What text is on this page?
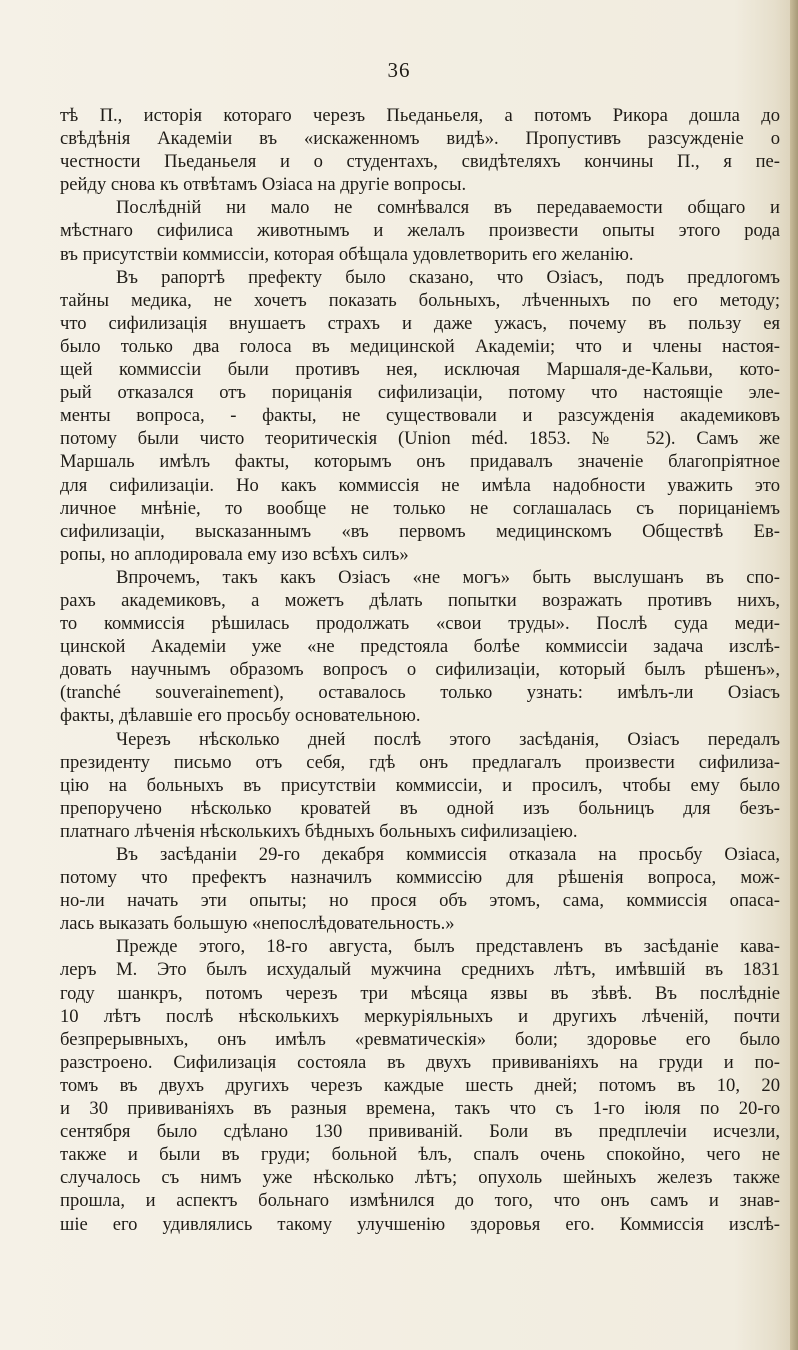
36
тѣ П., исторія котораго черезъ Пьеданьеля, а потомъ Рикора дошла до
свѣдѣнія Академіи въ «искаженномъ видѣ». Пропустивъ разсужденіе о
честности Пьеданьеля и о студентахъ, свидѣтеляхъ кончины П., я пе-
рейду снова къ отвѣтамъ Озіаса на другіе вопросы.
Послѣдній ни мало не сомнѣвался въ передаваемости общаго и
мѣстнаго сифилиса животнымъ и желалъ произвести опыты этого рода
въ присутствіи коммиссіи, которая обѣщала удовлетворить его желанію.
Въ рапортѣ префекту было сказано, что Озіасъ, подъ предлогомъ
тайны медика, не хочетъ показать больныхъ, лѣченныхъ по его методу;
что сифилизація внушаетъ страхъ и даже ужасъ, почему въ пользу ея
было только два голоса въ медицинской Академіи; что и члены настоя-
щей коммиссіи были противъ нея, исключая Маршаля-де-Кальви, кото-
рый отказался отъ порицанія сифилизаціи, потому что настоящіе эле-
менты вопроса, - факты, не существовали и разсужденія академиковъ
потому были чисто теоритическія (Union méd. 1853. № 52). Самъ же
Маршаль имѣлъ факты, которымъ онъ придавалъ значеніе благопріятное
для сифилизаціи. Но какъ коммиссія не имѣла надобности уважить это
личное мнѣніе, то вообще не только не соглашалась съ порицаніемъ
сифилизаціи, высказаннымъ «въ первомъ медицинскомъ Обществѣ Ев-
ропы, но аплодировала ему изо всѣхъ силъ»
Впрочемъ, такъ какъ Озіасъ «не могъ» быть выслушанъ въ спо-
рахъ академиковъ, а можетъ дѣлать попытки возражать противъ нихъ,
то коммиссія рѣшилась продолжать «свои труды». Послѣ суда меди-
цинской Академіи уже «не предстояла болѣе коммиссіи задача изслѣ-
довать научнымъ образомъ вопросъ о сифилизаціи, который былъ рѣшенъ»,
(tranché souverainement), оставалось только узнать: имѣлъ-ли Озіасъ
факты, дѣлавшіе его просьбу основательною.
Черезъ нѣсколько дней послѣ этого засѣданія, Озіасъ передалъ
президенту письмо отъ себя, гдѣ онъ предлагалъ произвести сифилиза-
цію на больныхъ въ присутствіи коммиссіи, и просилъ, чтобы ему было
препоручено нѣсколько кроватей въ одной изъ больницъ для безъ-
платнаго лѣченія нѣсколькихъ бѣдныхъ больныхъ сифилизаціею.
Въ засѣданіи 29-го декабря коммиссія отказала на просьбу Озіаса,
потому что префектъ назначилъ коммиссію для рѣшенія вопроса, мож-
но-ли начать эти опыты; но прося объ этомъ, сама, коммиссія опаса-
лась выказать большую «непослѣдовательность.»
Прежде этого, 18-го августа, былъ представленъ въ засѣданіе кава-
леръ М. Это былъ исхудалый мужчина среднихъ лѣтъ, имѣвшій въ 1831
году шанкръ, потомъ черезъ три мѣсяца язвы въ зѣвѣ. Въ послѣдніе
10 лѣтъ послѣ нѣсколькихъ меркуріяльныхъ и другихъ лѣченій, почти
безпрерывныхъ, онъ имѣлъ «ревматическія» боли; здоровье его было
разстроено. Сифилизація состояла въ двухъ прививаніяхъ на груди и по-
томъ въ двухъ другихъ черезъ каждые шесть дней; потомъ въ 10, 20
и 30 прививаніяхъ въ разныя времена, такъ что съ 1-го іюля по 20-го
сентября было сдѣлано 130 прививаній. Боли въ предплечіи исчезли,
также и были въ груди; больной ѣлъ, спалъ очень спокойно, чего не
случалось съ нимъ уже нѣсколько лѣтъ; опухоль шейныхъ железъ также
прошла, и аспектъ больнаго измѣнился до того, что онъ самъ и знав-
шіе его удивлялись такому улучшенію здоровья его. Коммиссія изслѣ-
